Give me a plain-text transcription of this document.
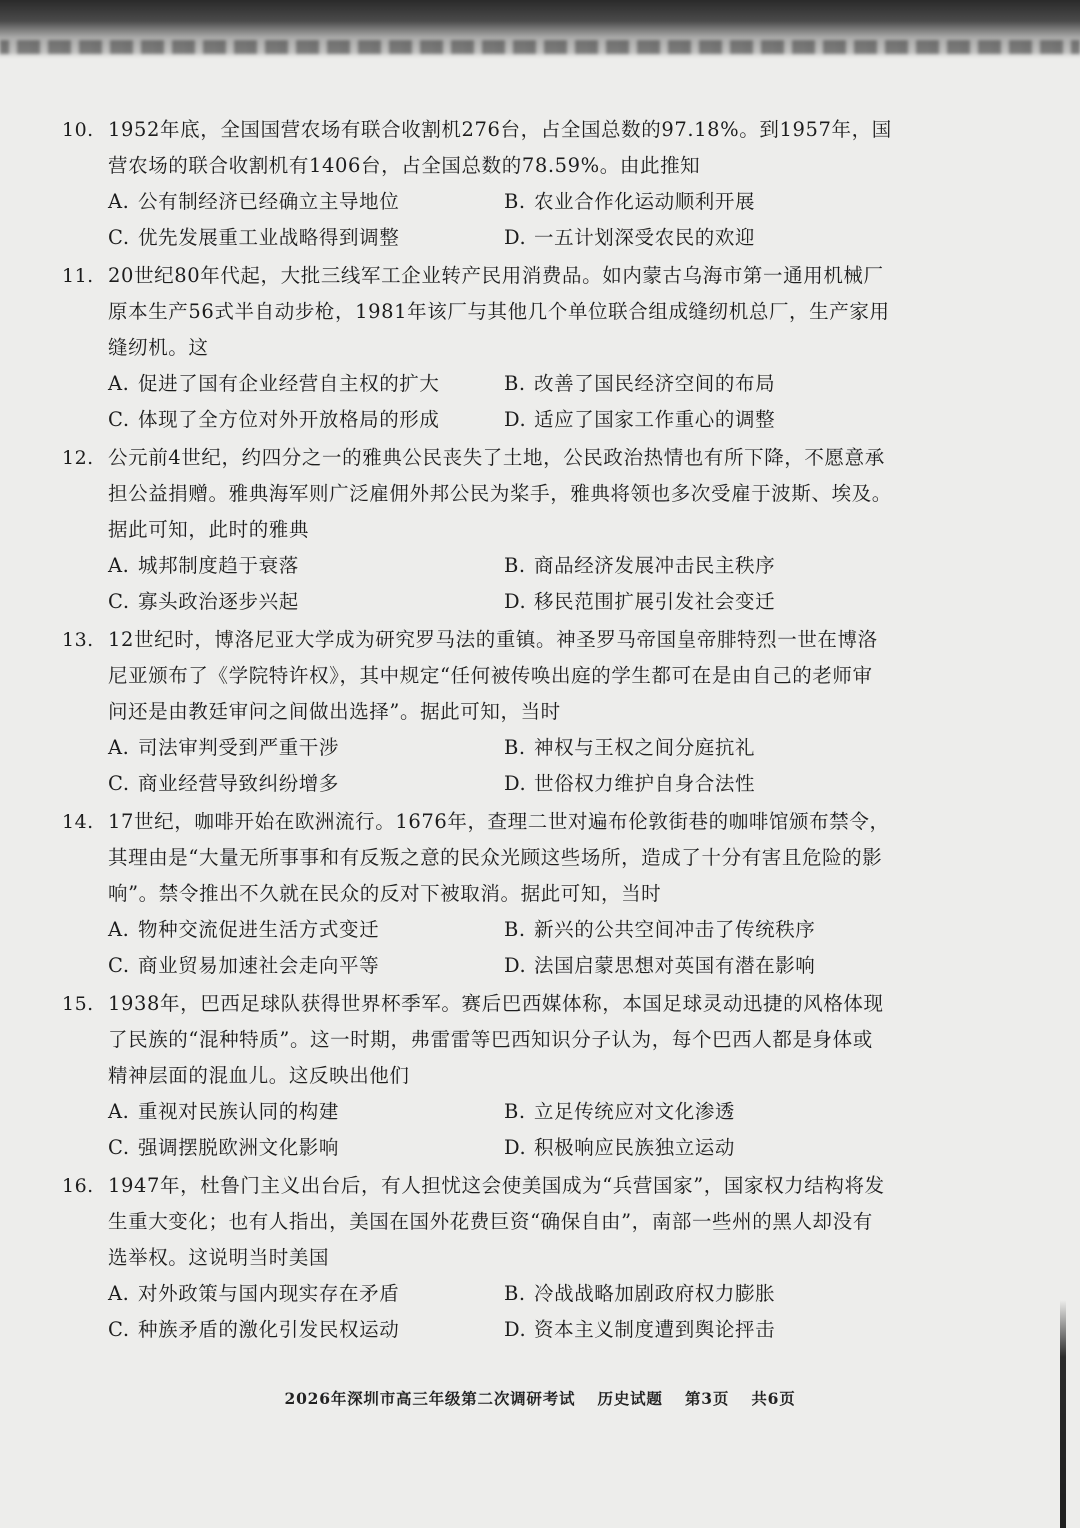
10. 1952年底，全国国营农场有联合收割机276台，占全国总数的97.18%。到1957年，国营农场的联合收割机有1406台，占全国总数的78.59%。由此推知
A. 公有制经济已经确立主导地位	B. 农业合作化运动顺利开展
C. 优先发展重工业战略得到调整	D. 一五计划深受农民的欢迎
11. 20世纪80年代起，大批三线军工企业转产民用消费品。如内蒙古乌海市第一通用机械厂原本生产56式半自动步枪，1981年该厂与其他几个单位联合组成缝纫机总厂，生产家用缝纫机。这
A. 促进了国有企业经营自主权的扩大	B. 改善了国民经济空间的布局
C. 体现了全方位对外开放格局的形成	D. 适应了国家工作重心的调整
12. 公元前4世纪，约四分之一的雅典公民丧失了土地，公民政治热情也有所下降，不愿意承担公益捐赠。雅典海军则广泛雇佣外邦公民为桨手，雅典将领也多次受雇于波斯、埃及。据此可知，此时的雅典
A. 城邦制度趋于衰落	B. 商品经济发展冲击民主秩序
C. 寡头政治逐步兴起	D. 移民范围扩展引发社会变迁
13. 12世纪时，博洛尼亚大学成为研究罗马法的重镇。神圣罗马帝国皇帝腓特烈一世在博洛尼亚颁布了《学院特许权》，其中规定“任何被传唤出庭的学生都可在是由自己的老师审问还是由教廷审问之间做出选择”。据此可知，当时
A. 司法审判受到严重干涉	B. 神权与王权之间分庭抗礼
C. 商业经营导致纠纷增多	D. 世俗权力维护自身合法性
14. 17世纪，咖啡开始在欧洲流行。1676年，查理二世对遍布伦敦街巷的咖啡馆颁布禁令，其理由是“大量无所事事和有反叛之意的民众光顾这些场所，造成了十分有害且危险的影响”。禁令推出不久就在民众的反对下被取消。据此可知，当时
A. 物种交流促进生活方式变迁	B. 新兴的公共空间冲击了传统秩序
C. 商业贸易加速社会走向平等	D. 法国启蒙思想对英国有潜在影响
15. 1938年，巴西足球队获得世界杯季军。赛后巴西媒体称，本国足球灵动迅捷的风格体现了民族的“混种特质”。这一时期，弗雷雷等巴西知识分子认为，每个巴西人都是身体或精神层面的混血儿。这反映出他们
A. 重视对民族认同的构建	B. 立足传统应对文化渗透
C. 强调摆脱欧洲文化影响	D. 积极响应民族独立运动
16. 1947年，杜鲁门主义出台后，有人担忧这会使美国成为“兵营国家”，国家权力结构将发生重大变化；也有人指出，美国在国外花费巨资“确保自由”，南部一些州的黑人却没有选举权。这说明当时美国
A. 对外政策与国内现实存在矛盾	B. 冷战战略加剧政府权力膨胀
C. 种族矛盾的激化引发民权运动	D. 资本主义制度遭到舆论抨击
2026年深圳市高三年级第二次调研考试 历史试题 第3页 共6页
